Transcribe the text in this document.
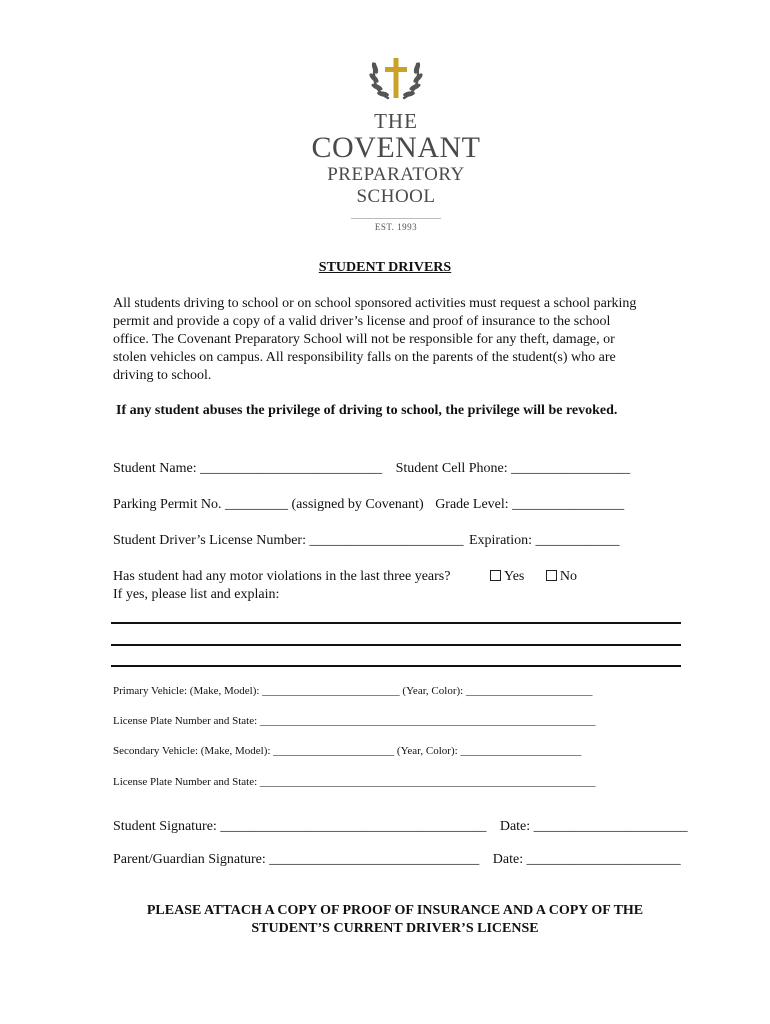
THE
COVENANT
PREPARATORY
SCHOOL
EST. 1993
STUDENT DRIVERS
All students driving to school or on school sponsored activities must request a school parking
permit and provide a copy of a valid driver’s license and proof of insurance to the school
office. The Covenant Preparatory School will not be responsible for any theft, damage, or
stolen vehicles on campus. All responsibility falls on the parents of the student(s) who are
driving to school.
If any student abuses the privilege of driving to school, the privilege will be revoked.
Student Name: __________________________ Student Cell Phone: _________________
Parking Permit No. _________ (assigned by Covenant) Grade Level: ________________
Student Driver’s License Number: ______________________ Expiration: ____________
Has student had any motor violations in the last three years?	Yes	No
If yes, please list and explain:
Primary Vehicle: (Make, Model): _________________________ (Year, Color): _______________________
License Plate Number and State: _____________________________________________________________
Secondary Vehicle: (Make, Model): ______________________ (Year, Color): ______________________
License Plate Number and State: _____________________________________________________________
Student Signature: ______________________________________ Date: ______________________
Parent/Guardian Signature: ______________________________ Date: ______________________
PLEASE ATTACH A COPY OF PROOF OF INSURANCE AND A COPY OF THE
STUDENT’S CURRENT DRIVER’S LICENSE
